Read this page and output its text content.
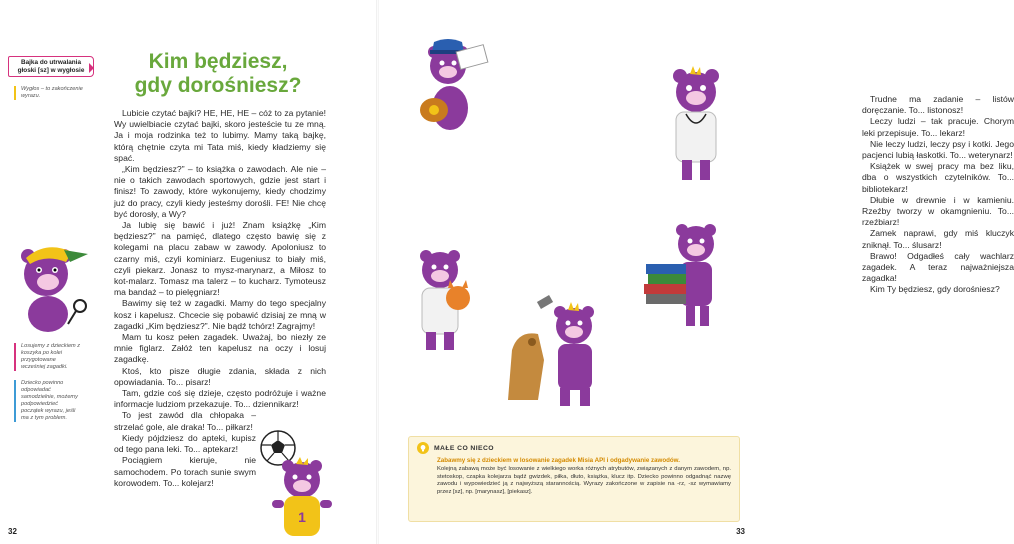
Bajka do utrwalania głoski [sz] w wygłosie
Wygłos – to zakończenie wyrazu.
Kim będziesz,
gdy dorośniesz?

Lubicie czytać bajki? HE, HE, HE – cóż to za pytanie! Wy uwielbiacie czytać bajki, skoro jesteście tu ze mną. Ja i moja rodzinka też to lubimy. Mamy taką bajkę, którą chętnie czyta mi Tata miś, kiedy kładziemy się spać.

„Kim będziesz?” – to książka o zawodach. Ale nie – nie o takich zawodach sportowych, gdzie jest start i finisz! To zawody, które wykonujemy, kiedy chodzimy już do pracy, czyli kiedy jesteśmy dorośli. FE! Nie chcę być dorosły, a Wy?

Ja lubię się bawić i już! Znam książkę „Kim będziesz?” na pamięć, dlatego często bawię się z kolegami na placu zabaw w zawody. Apoloniusz to czarny miś, czyli kominiarz. Eugeniusz to biały miś, czyli piekarz. Jonasz to mysz-marynarz, a Miłosz to kot-malarz. Tomasz ma talerz – to kucharz. Tymoteusz ma bandaż – to pielęgniarz!

Bawimy się też w zagadki. Mamy do tego specjalny kosz i kapelusz. Chcecie się pobawić dzisiaj ze mną w zagadki „Kim będziesz?”. Nie bądź tchórz! Zagrajmy!

Mam tu kosz pełen zagadek. Uważaj, bo niezły ze mnie figlarz. Załóż ten kapelusz na oczy i losuj zagadkę.

Ktoś, kto pisze długie zdania, składa z nich opowiadania. To... pisarz!

Tam, gdzie coś się dzieje, często podróżuje i ważne informacje ludziom przekazuje. To... dziennikarz!

To jest zawód dla chłopaka – strzelać gole, ale draka! To... piłkarz!

Kiedy pójdziesz do apteki, kupisz od tego pana leki. To... aptekarz!

Pociągiem kieruje, nie samochodem. Po torach sunie swym korowodem. To... kolejarz!

Losujemy z dzieckiem z koszyka po kolei przygotowane wcześniej zagadki.
Dziecko powinno odpowiadać samodzielnie, możemy podpowiedzieć początek wyrazu, jeśli ma z tym problem.
1
32

Trudne ma zadanie – listów doręczanie. To... listonosz!

Leczy ludzi – tak pracuje. Chorym leki przepisuje. To... lekarz!

Nie leczy ludzi, leczy psy i kotki. Jego pacjenci lubią łaskotki. To... weterynarz!

Książek w swej pracy ma bez liku, dba o wszystkich czytelników. To... bibliotekarz!

Dłubie w drewnie i w kamieniu. Rzeźby tworzy w okamgnieniu. To... rzeźbiarz!

Zamek naprawi, gdy miś kluczyk zniknął. To... ślusarz!

Brawo! Odgadłeś cały wachlarz zagadek. A teraz najważniejsza zagadka!

Kim Ty będziesz, gdy dorośniesz?

33
MAŁE CO NIECO
Zabawmy się z dzieckiem w losowanie zagadek Misia API i odgadywanie zawodów.
Kolejną zabawą może być losowanie z wielkiego worka różnych atrybutów, związanych z danym zawodem, np. stetoskop, czapka kolejarza bądź gwizdek, piłka, dłuto, książka, klucz itp. Dziecko powinno odgadnąć nazwę zawodu i wypowiedzieć ją z najwyższą starannością. Wyrazy zakończone w zapisie na -rz, -sz wymawiamy przez [sz], np. [marynasz], [piekasz].
